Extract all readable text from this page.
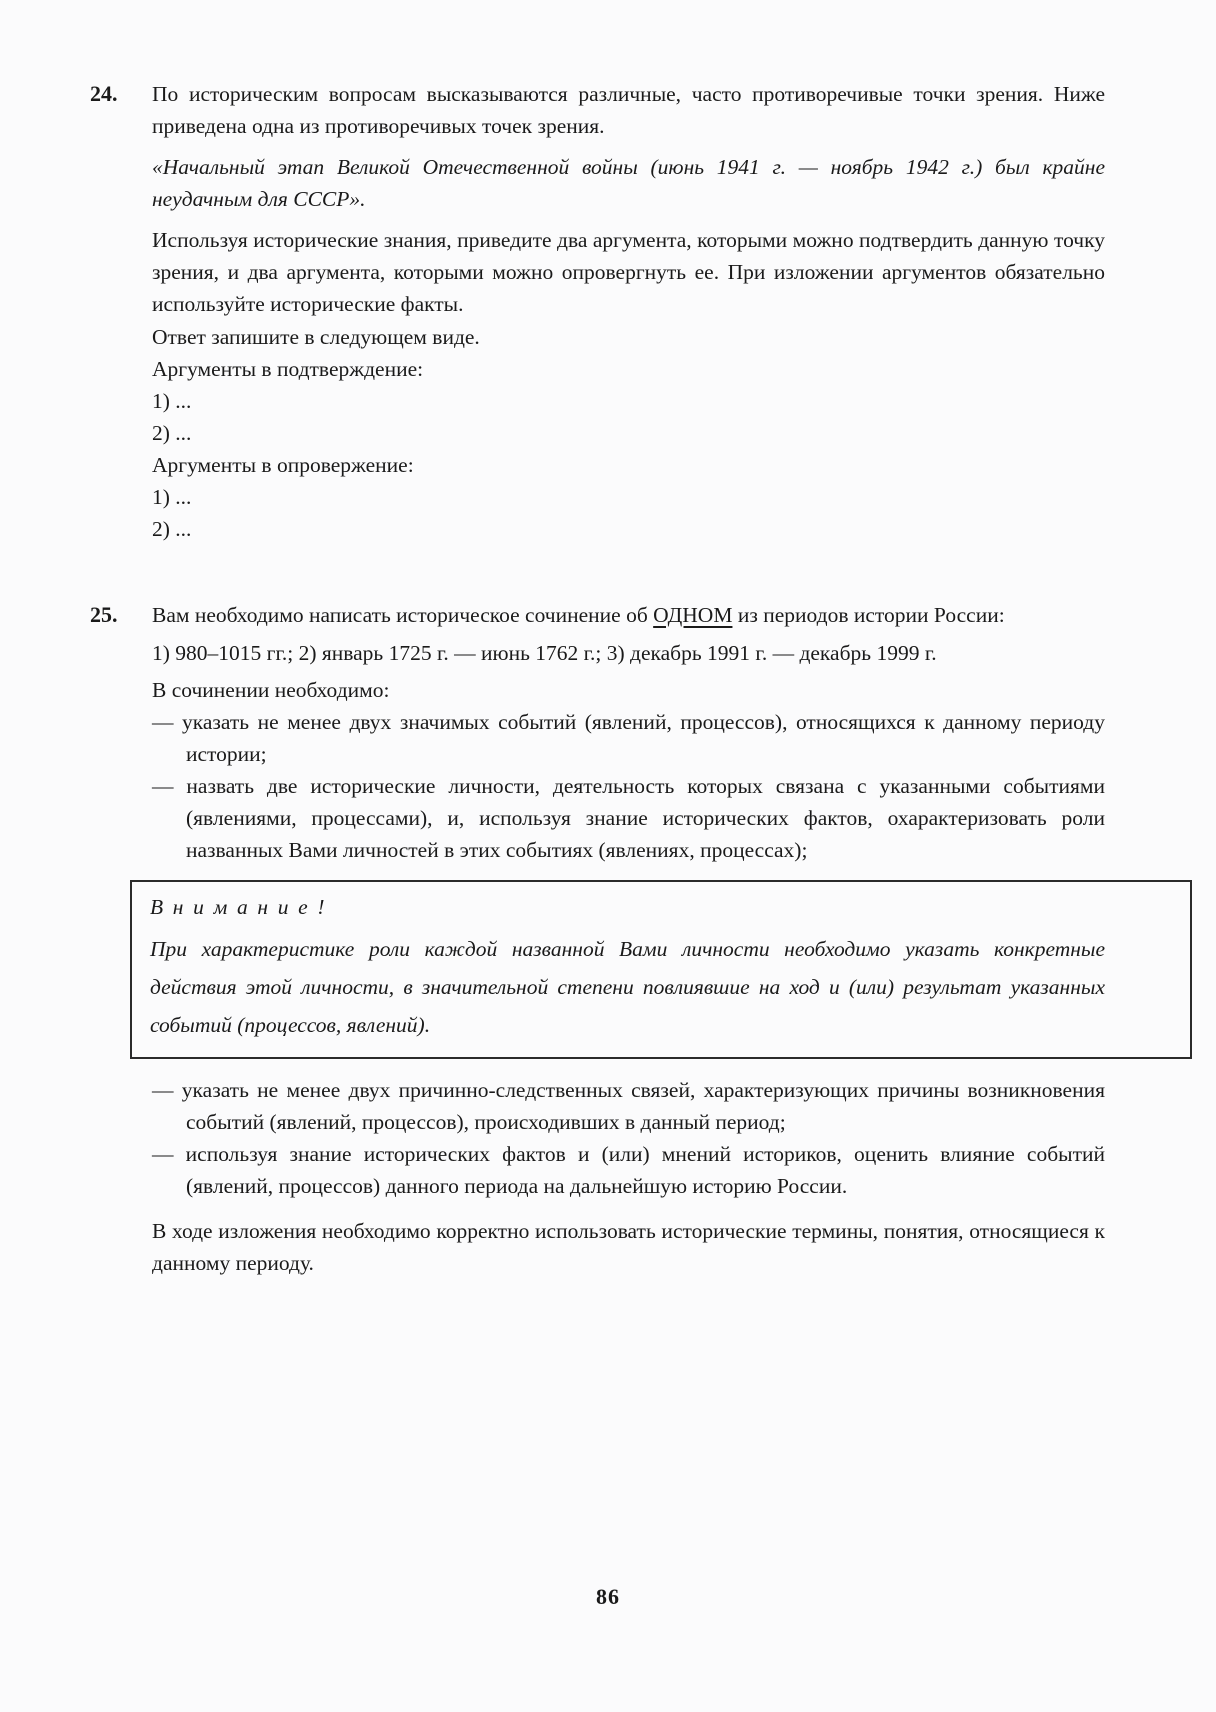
24.	По историческим вопросам высказываются различные, часто противоречивые точки зрения. Ниже приведена одна из противоречивых точек зрения.

«Начальный этап Великой Отечественной войны (июнь 1941 г. — ноябрь 1942 г.) был крайне неудачным для СССР».

Используя исторические знания, приведите два аргумента, которыми можно подтвердить данную точку зрения, и два аргумента, которыми можно опровергнуть ее. При изложении аргументов обязательно используйте исторические факты.

Ответ запишите в следующем виде.

Аргументы в подтверждение:

1) ...

2) ...

Аргументы в опровержение:

1) ...

2) ...

25.	Вам необходимо написать историческое сочинение об ОДНОМ из периодов истории России:

1) 980–1015 гг.; 2) январь 1725 г. — июнь 1762 г.; 3) декабрь 1991 г. — декабрь 1999 г.

В сочинении необходимо:

— указать не менее двух значимых событий (явлений, процессов), относящихся к данному периоду истории;

— назвать две исторические личности, деятельность которых связана с указанными событиями (явлениями, процессами), и, используя знание исторических фактов, охарактеризовать роли названных Вами личностей в этих событиях (явлениях, процессах);

Внимание!

При характеристике роли каждой названной Вами личности необходимо указать конкретные действия этой личности, в значительной степени повлиявшие на ход и (или) результат указанных событий (процессов, явлений).

— указать не менее двух причинно-следственных связей, характеризующих причины возникновения событий (явлений, процессов), происходивших в данный период;

— используя знание исторических фактов и (или) мнений историков, оценить влияние событий (явлений, процессов) данного периода на дальнейшую историю России.

В ходе изложения необходимо корректно использовать исторические термины, понятия, относящиеся к данному периоду.

86
